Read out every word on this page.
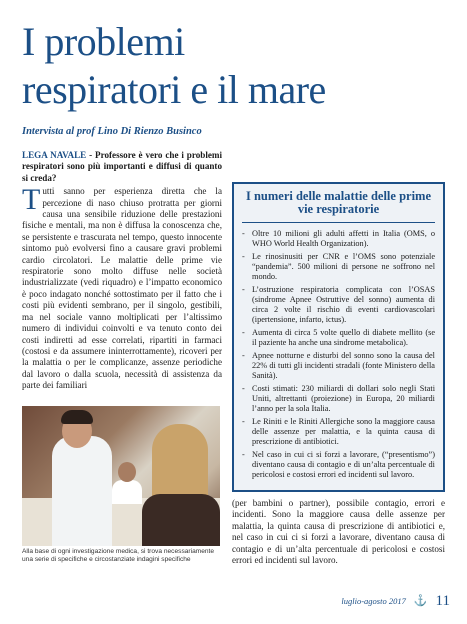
I problemi
respiratori e il mare
Intervista al prof Lino Di Rienzo Businco

LEGA NAVALE - Professore è vero che i problemi respiratori sono più importanti e diffusi di quanto si creda?

Tutti sanno per esperienza diretta che la percezione di naso chiuso protratta per giorni causa una sensibile riduzione delle prestazioni fisiche e mentali, ma non è diffusa la conoscenza che, se persistente e trascurata nel tempo, questo innocente sintomo può evolversi fino a causare gravi problemi cardio circolatori. Le malattie delle prime vie respiratorie sono molto diffuse nelle società industrializzate (vedi riquadro) e l’impatto economico è poco indagato nonché sottostimato per il fatto che i costi più evidenti sembrano, per il singolo, gestibili, ma nel sociale vanno moltiplicati per l’altissimo numero di individui coinvolti e va tenuto conto dei costi indiretti ad esse correlati, ripartiti in farmaci (costosi e da assumere ininterrottamente), ricoveri per la malattia o per le complicanze, assenze periodiche dal lavoro o dalla scuola, necessità di assistenza da parte dei familiari

Alla base di ogni investigazione medica, si trova necessariamente una serie di specifiche e circostanziate indagini specifiche
I numeri delle malattie delle prime vie respiratorie
- Oltre 10 milioni gli adulti affetti in Italia (OMS, o WHO World Health Organization).
- Le rinosinusiti per CNR e l’OMS sono potenziale “pandemia”. 500 milioni di persone ne soffrono nel mondo.
- L’ostruzione respiratoria complicata con l’OSAS (sindrome Apnee Ostruttive del sonno) aumenta di circa 2 volte il rischio di eventi cardiovascolari (ipertensione, infarto, ictus).
- Aumenta di circa 5 volte quello di diabete mellito (se il paziente ha anche una sindrome metabolica).
- Apnee notturne e disturbi del sonno sono la causa del 22% di tutti gli incidenti stradali (fonte Ministero della Sanità).
- Costi stimati: 230 miliardi di dollari solo negli Stati Uniti, altrettanti (proiezione) in Europa, 20 miliardi l’anno per la sola Italia.
- Le Riniti e le Riniti Allergiche sono la maggiore causa delle assenze per malattia, e la quinta causa di prescrizione di antibiotici.
- Nel caso in cui ci si forzi a lavorare, (“presentismo”) diventano causa di contagio e di un’alta percentuale di pericolosi e costosi errori ed incidenti sul lavoro.
(per bambini o partner), possibile contagio, errori e incidenti. Sono la maggiore causa delle assenze per malattia, la quinta causa di prescrizione di antibiotici e, nel caso in cui ci si forzi a lavorare, diventano causa di contagio e di un’alta percentuale di pericolosi e costosi errori ed incidenti sul lavoro.
luglio-agosto 2017 ⚓ 11
